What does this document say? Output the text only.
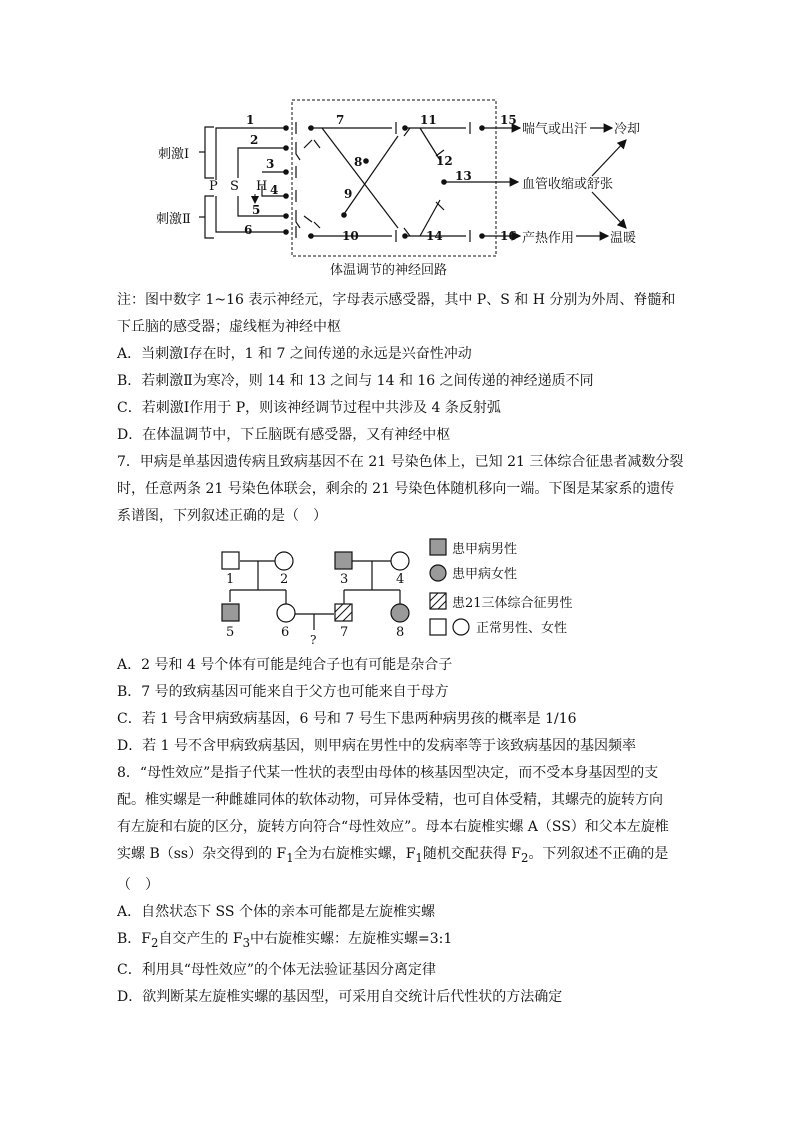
刺激Ⅰ
刺激Ⅱ
P S H
1
2
3
4
5
6
7
8
9
10
11
12
13
14
15
16
喘气或出汗 冷却
血管收缩或舒张
产热作用	温暖
体温调节的神经回路
注：图中数字 1~16 表示神经元，字母表示感受器，其中 P、S 和 H 分别为外周、脊髓和
下丘脑的感受器；虚线框为神经中枢
A．当刺激Ⅰ存在时，1 和 7 之间传递的永远是兴奋性冲动
B．若刺激Ⅱ为寒冷，则 14 和 13 之间与 14 和 16 之间传递的神经递质不同
C．若刺激Ⅰ作用于 P，则该神经调节过程中共涉及 4 条反射弧
D．在体温调节中，下丘脑既有感受器，又有神经中枢
7．甲病是单基因遗传病且致病基因不在 21 号染色体上，已知 21 三体综合征患者减数分裂
时，任意两条 21 号染色体联会，剩余的 21 号染色体随机移向一端。下图是某家系的遗传
系谱图，下列叙述正确的是（　）
1	2	3	4
5	6	7	8
?
患甲病男性
患甲病女性
患21三体综合征男性
正常男性、女性
A．2 号和 4 号个体有可能是纯合子也有可能是杂合子
B．7 号的致病基因可能来自于父方也可能来自于母方
C．若 1 号含甲病致病基因，6 号和 7 号生下患两种病男孩的概率是 1/16
D．若 1 号不含甲病致病基因，则甲病在男性中的发病率等于该致病基因的基因频率
8．“母性效应”是指子代某一性状的表型由母体的核基因型决定，而不受本身基因型的支
配。椎实螺是一种雌雄同体的软体动物，可异体受精，也可自体受精，其螺壳的旋转方向
有左旋和右旋的区分，旋转方向符合“母性效应”。母本右旋椎实螺 A（SS）和父本左旋椎
实螺 B（ss）杂交得到的 $F_1$全为右旋椎实螺，$F_1$随机交配获得 $F_2$。下列叙述不正确的是
（　）
A．自然状态下 SS 个体的亲本可能都是左旋椎实螺
B．$F_2$自交产生的 $F_3$中右旋椎实螺：左旋椎实螺=3:1
C．利用具“母性效应”的个体无法验证基因分离定律
D．欲判断某左旋椎实螺的基因型，可采用自交统计后代性状的方法确定
